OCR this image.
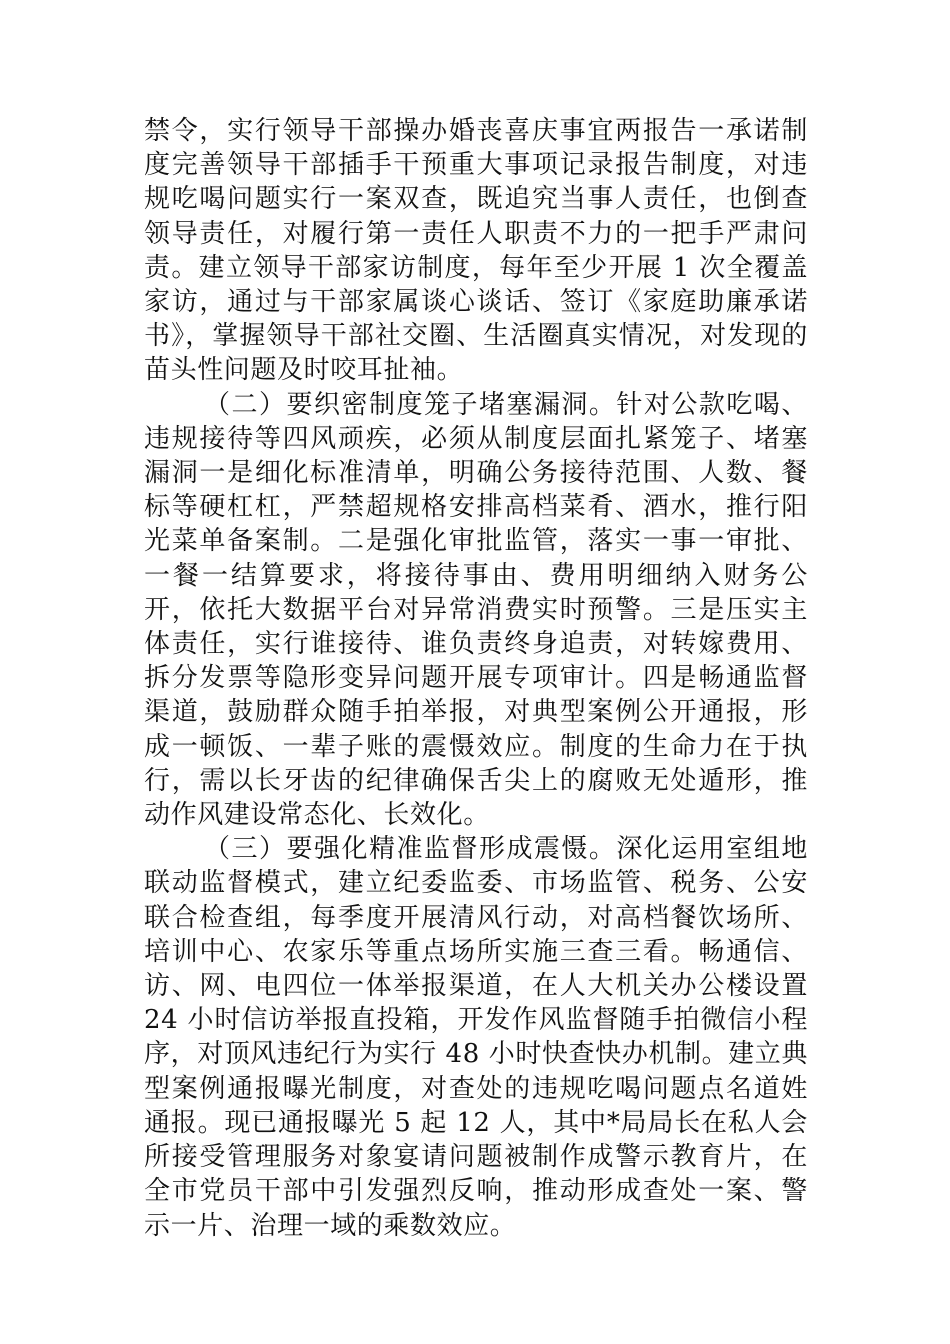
禁令，实行领导干部操办婚丧喜庆事宜两报告一承诺制度完善领导干部插手干预重大事项记录报告制度，对违规吃喝问题实行一案双查，既追究当事人责任，也倒查领导责任，对履行第一责任人职责不力的一把手严肃问责。建立领导干部家访制度，每年至少开展 1 次全覆盖家访，通过与干部家属谈心谈话、签订《家庭助廉承诺书》，掌握领导干部社交圈、生活圈真实情况，对发现的苗头性问题及时咬耳扯袖。

（二）要织密制度笼子堵塞漏洞。针对公款吃喝、违规接待等四风顽疾，必须从制度层面扎紧笼子、堵塞漏洞一是细化标准清单，明确公务接待范围、人数、餐标等硬杠杠，严禁超规格安排高档菜肴、酒水，推行阳光菜单备案制。二是强化审批监管，落实一事一审批、一餐一结算要求，将接待事由、费用明细纳入财务公开，依托大数据平台对异常消费实时预警。三是压实主体责任，实行谁接待、谁负责终身追责，对转嫁费用、拆分发票等隐形变异问题开展专项审计。四是畅通监督渠道，鼓励群众随手拍举报，对典型案例公开通报，形成一顿饭、一辈子账的震慑效应。制度的生命力在于执行，需以长牙齿的纪律确保舌尖上的腐败无处遁形，推动作风建设常态化、长效化。

（三）要强化精准监督形成震慑。深化运用室组地联动监督模式，建立纪委监委、市场监管、税务、公安联合检查组，每季度开展清风行动，对高档餐饮场所、培训中心、农家乐等重点场所实施三查三看。畅通信、访、网、电四位一体举报渠道，在人大机关办公楼设置 24 小时信访举报直投箱，开发作风监督随手拍微信小程序，对顶风违纪行为实行 48 小时快查快办机制。建立典型案例通报曝光制度，对查处的违规吃喝问题点名道姓通报。现已通报曝光 5 起 12 人，其中*局局长在私人会所接受管理服务对象宴请问题被制作成警示教育片，在全市党员干部中引发强烈反响，推动形成查处一案、警示一片、治理一域的乘数效应。
